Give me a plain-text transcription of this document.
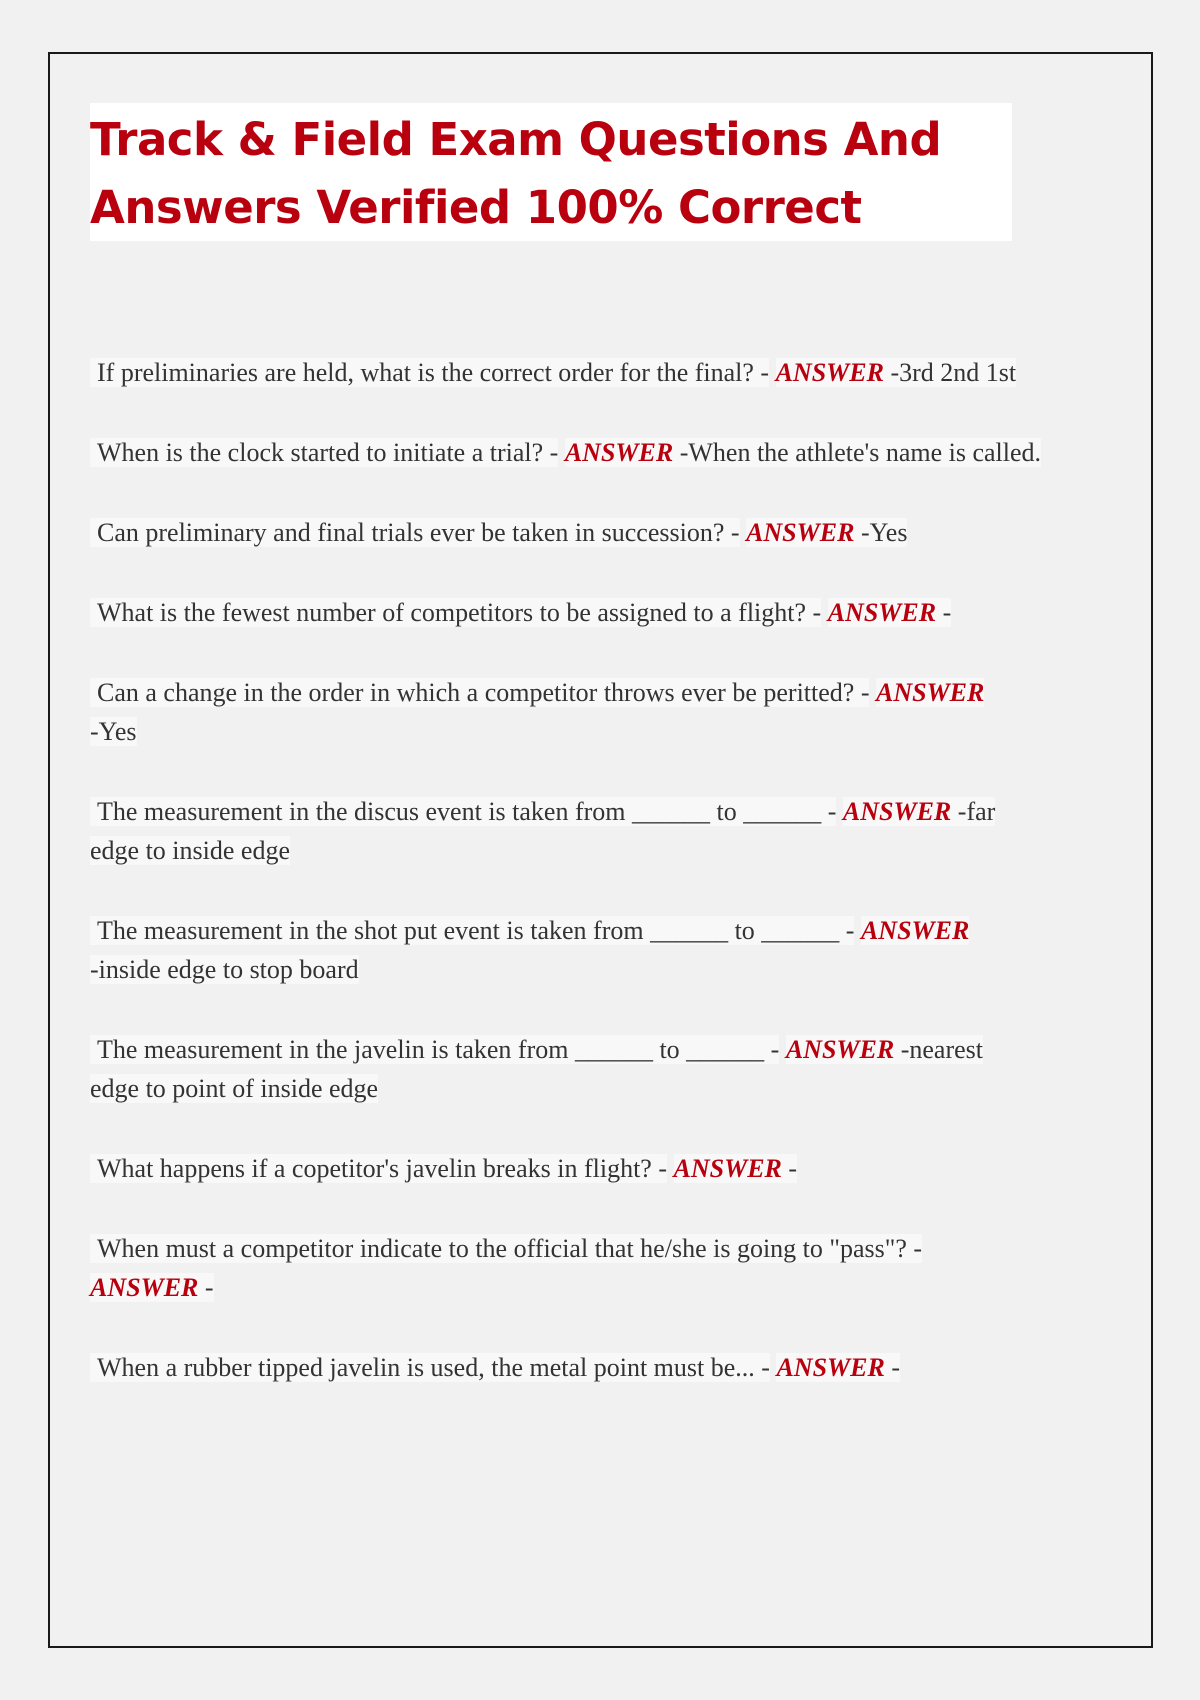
Track & Field Exam Questions And
Answers Verified 100% Correct
If preliminaries are held, what is the correct order for the final? - ANSWER -3rd 2nd 1st
When is the clock started to initiate a trial? - ANSWER -When the athlete's name is called.
Can preliminary and final trials ever be taken in succession? - ANSWER -Yes
What is the fewest number of competitors to be assigned to a flight? - ANSWER -
Can a change in the order in which a competitor throws ever be peritted? - ANSWER -Yes
The measurement in the discus event is taken from ______ to ______ - ANSWER -far edge to inside edge
The measurement in the shot put event is taken from ______ to ______ - ANSWER -inside edge to stop board
The measurement in the javelin is taken from ______ to ______ - ANSWER -nearest edge to point of inside edge
What happens if a copetitor's javelin breaks in flight? - ANSWER -
When must a competitor indicate to the official that he/she is going to "pass"? - ANSWER -
When a rubber tipped javelin is used, the metal point must be... - ANSWER -
